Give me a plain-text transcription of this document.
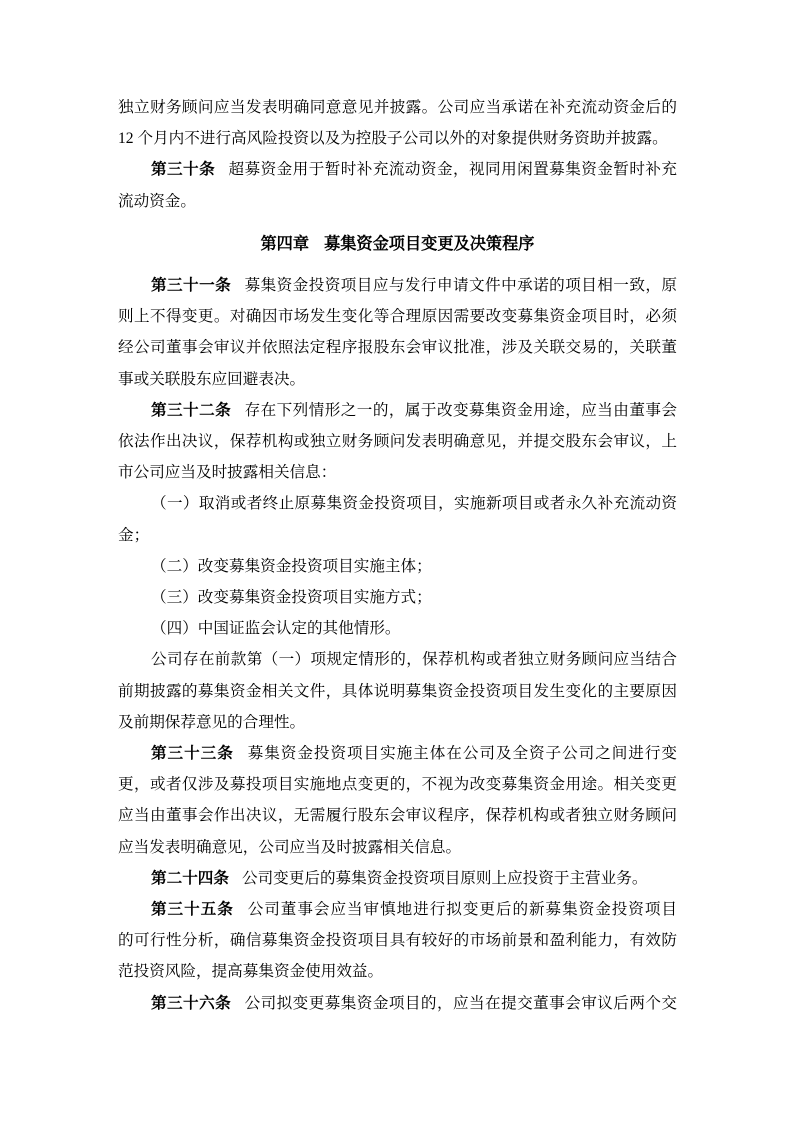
独立财务顾问应当发表明确同意意见并披露。公司应当承诺在补充流动资金后的
12 个月内不进行高风险投资以及为控股子公司以外的对象提供财务资助并披露。
第三十条 超募资金用于暂时补充流动资金，视同用闲置募集资金暂时补充
流动资金。
第四章 募集资金项目变更及决策程序
第三十一条 募集资金投资项目应与发行申请文件中承诺的项目相一致，原
则上不得变更。对确因市场发生变化等合理原因需要改变募集资金项目时，必须
经公司董事会审议并依照法定程序报股东会审议批准，涉及关联交易的，关联董
事或关联股东应回避表决。
第三十二条 存在下列情形之一的，属于改变募集资金用途，应当由董事会
依法作出决议，保荐机构或独立财务顾问发表明确意见，并提交股东会审议，上
市公司应当及时披露相关信息：
（一）取消或者终止原募集资金投资项目，实施新项目或者永久补充流动资
金；
（二）改变募集资金投资项目实施主体；
（三）改变募集资金投资项目实施方式；
（四）中国证监会认定的其他情形。
公司存在前款第（一）项规定情形的，保荐机构或者独立财务顾问应当结合
前期披露的募集资金相关文件，具体说明募集资金投资项目发生变化的主要原因
及前期保荐意见的合理性。
第三十三条 募集资金投资项目实施主体在公司及全资子公司之间进行变
更，或者仅涉及募投项目实施地点变更的，不视为改变募集资金用途。相关变更
应当由董事会作出决议，无需履行股东会审议程序，保荐机构或者独立财务顾问
应当发表明确意见，公司应当及时披露相关信息。
第二十四条 公司变更后的募集资金投资项目原则上应投资于主营业务。
第三十五条 公司董事会应当审慎地进行拟变更后的新募集资金投资项目
的可行性分析，确信募集资金投资项目具有较好的市场前景和盈利能力，有效防
范投资风险，提高募集资金使用效益。
第三十六条 公司拟变更募集资金项目的，应当在提交董事会审议后两个交
